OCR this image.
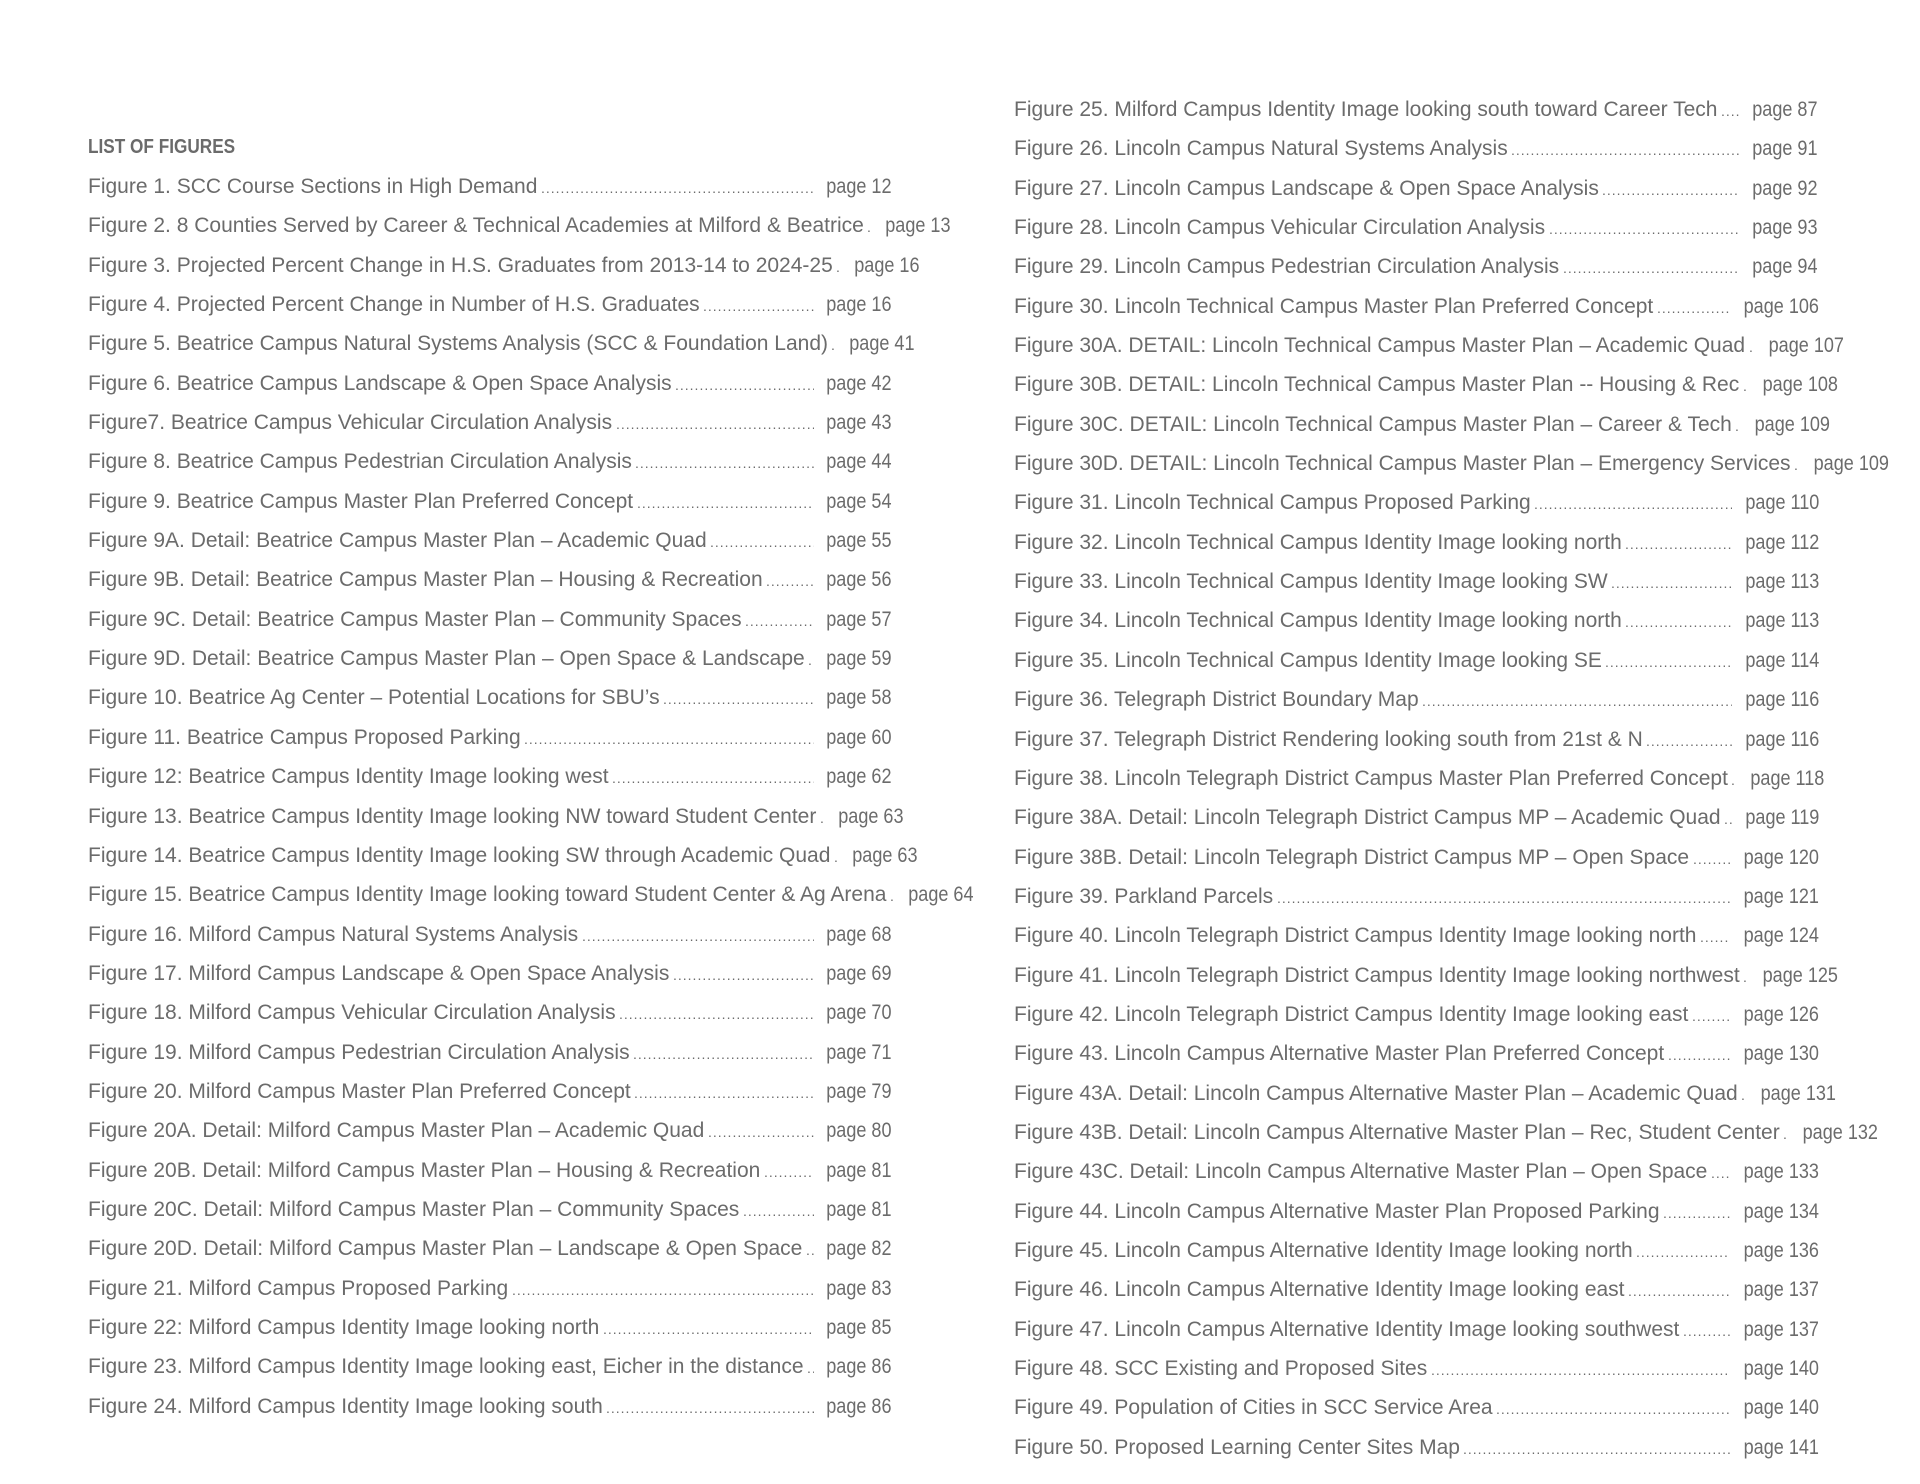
LIST OF FIGURES
Figure 1. SCC Course Sections in High Demand .....	page 12
Figure 2. 8 Counties Served by Career & Technical Academies at Milford & Beatrice ..... page 13
Figure 3. Projected Percent Change in H.S. Graduates from 2013-14 to 2024-25 ..... page 16
Figure 4. Projected Percent Change in Number of H.S. Graduates .....	page 16
Figure 5. Beatrice Campus Natural Systems Analysis (SCC & Foundation Land) ..... page 41
Figure 6. Beatrice Campus Landscape & Open Space Analysis .....	page 42
Figure7. Beatrice Campus Vehicular Circulation Analysis .....	page 43
Figure 8. Beatrice Campus Pedestrian Circulation Analysis .....	page 44
Figure 9. Beatrice Campus Master Plan Preferred Concept .....	page 54
Figure 9A. Detail: Beatrice Campus Master Plan – Academic Quad .....	page 55
Figure 9B. Detail: Beatrice Campus Master Plan – Housing & Recreation .....	page 56
Figure 9C. Detail: Beatrice Campus Master Plan – Community Spaces .....	page 57
Figure 9D. Detail: Beatrice Campus Master Plan – Open Space & Landscape ..... page 59
Figure 10. Beatrice Ag Center – Potential Locations for SBU’s .....	page 58
Figure 11. Beatrice Campus Proposed Parking .....	page 60
Figure 12: Beatrice Campus Identity Image looking west .....	page 62
Figure 13. Beatrice Campus Identity Image looking NW toward Student Center ..... page 63
Figure 14. Beatrice Campus Identity Image looking SW through Academic Quad ..... page 63
Figure 15. Beatrice Campus Identity Image looking toward Student Center & Ag Arena ..... page 64
Figure 16. Milford Campus Natural Systems Analysis .....	page 68
Figure 17. Milford Campus Landscape & Open Space Analysis .....	page 69
Figure 18. Milford Campus Vehicular Circulation Analysis .....	page 70
Figure 19. Milford Campus Pedestrian Circulation Analysis .....	page 71
Figure 20. Milford Campus Master Plan Preferred Concept .....	page 79
Figure 20A. Detail: Milford Campus Master Plan – Academic Quad .....	page 80
Figure 20B. Detail: Milford Campus Master Plan – Housing & Recreation .....	page 81
Figure 20C. Detail: Milford Campus Master Plan – Community Spaces .....	page 81
Figure 20D. Detail: Milford Campus Master Plan – Landscape & Open Space ..... page 82
Figure 21. Milford Campus Proposed Parking .....	page 83
Figure 22: Milford Campus Identity Image looking north .....	page 85
Figure 23. Milford Campus Identity Image looking east, Eicher in the distance ..... page 86
Figure 24. Milford Campus Identity Image looking south .....	page 86
Figure 25. Milford Campus Identity Image looking south toward Career Tech ..... page 87
Figure 26. Lincoln Campus Natural Systems Analysis .....	page 91
Figure 27. Lincoln Campus Landscape & Open Space Analysis .....	page 92
Figure 28. Lincoln Campus Vehicular Circulation Analysis .....	page 93
Figure 29. Lincoln Campus Pedestrian Circulation Analysis .....	page 94
Figure 30. Lincoln Technical Campus Master Plan Preferred Concept .....	page 106
Figure 30A. DETAIL: Lincoln Technical Campus Master Plan – Academic Quad ..... page 107
Figure 30B. DETAIL: Lincoln Technical Campus Master Plan -- Housing & Rec ..... page 108
Figure 30C. DETAIL: Lincoln Technical Campus Master Plan – Career & Tech ..... page 109
Figure 30D. DETAIL: Lincoln Technical Campus Master Plan – Emergency Services ..... page 109
Figure 31. Lincoln Technical Campus Proposed Parking .....	page 110
Figure 32. Lincoln Technical Campus Identity Image looking north .....	page 112
Figure 33. Lincoln Technical Campus Identity Image looking SW .....	page 113
Figure 34. Lincoln Technical Campus Identity Image looking north .....	page 113
Figure 35. Lincoln Technical Campus Identity Image looking SE .....	page 114
Figure 36. Telegraph District Boundary Map .....	page 116
Figure 37. Telegraph District Rendering looking south from 21st & N .....	page 116
Figure 38. Lincoln Telegraph District Campus Master Plan Preferred Concept ..... page 118
Figure 38A. Detail: Lincoln Telegraph District Campus MP – Academic Quad ..... page 119
Figure 38B. Detail: Lincoln Telegraph District Campus MP – Open Space .....	page 120
Figure 39. Parkland Parcels .....	page 121
Figure 40. Lincoln Telegraph District Campus Identity Image looking north ..... page 124
Figure 41. Lincoln Telegraph District Campus Identity Image looking northwest ..... page 125
Figure 42. Lincoln Telegraph District Campus Identity Image looking east .....	page 126
Figure 43. Lincoln Campus Alternative Master Plan Preferred Concept .....	page 130
Figure 43A. Detail: Lincoln Campus Alternative Master Plan – Academic Quad ..... page 131
Figure 43B. Detail: Lincoln Campus Alternative Master Plan – Rec, Student Center ..... page 132
Figure 43C. Detail: Lincoln Campus Alternative Master Plan – Open Space ..... page 133
Figure 44. Lincoln Campus Alternative Master Plan Proposed Parking .....	page 134
Figure 45. Lincoln Campus Alternative Identity Image looking north .....	page 136
Figure 46. Lincoln Campus Alternative Identity Image looking east .....	page 137
Figure 47. Lincoln Campus Alternative Identity Image looking southwest .....	page 137
Figure 48. SCC Existing and Proposed Sites .....	page 140
Figure 49. Population of Cities in SCC Service Area .....	page 140
Figure 50. Proposed Learning Center Sites Map .....	page 141
